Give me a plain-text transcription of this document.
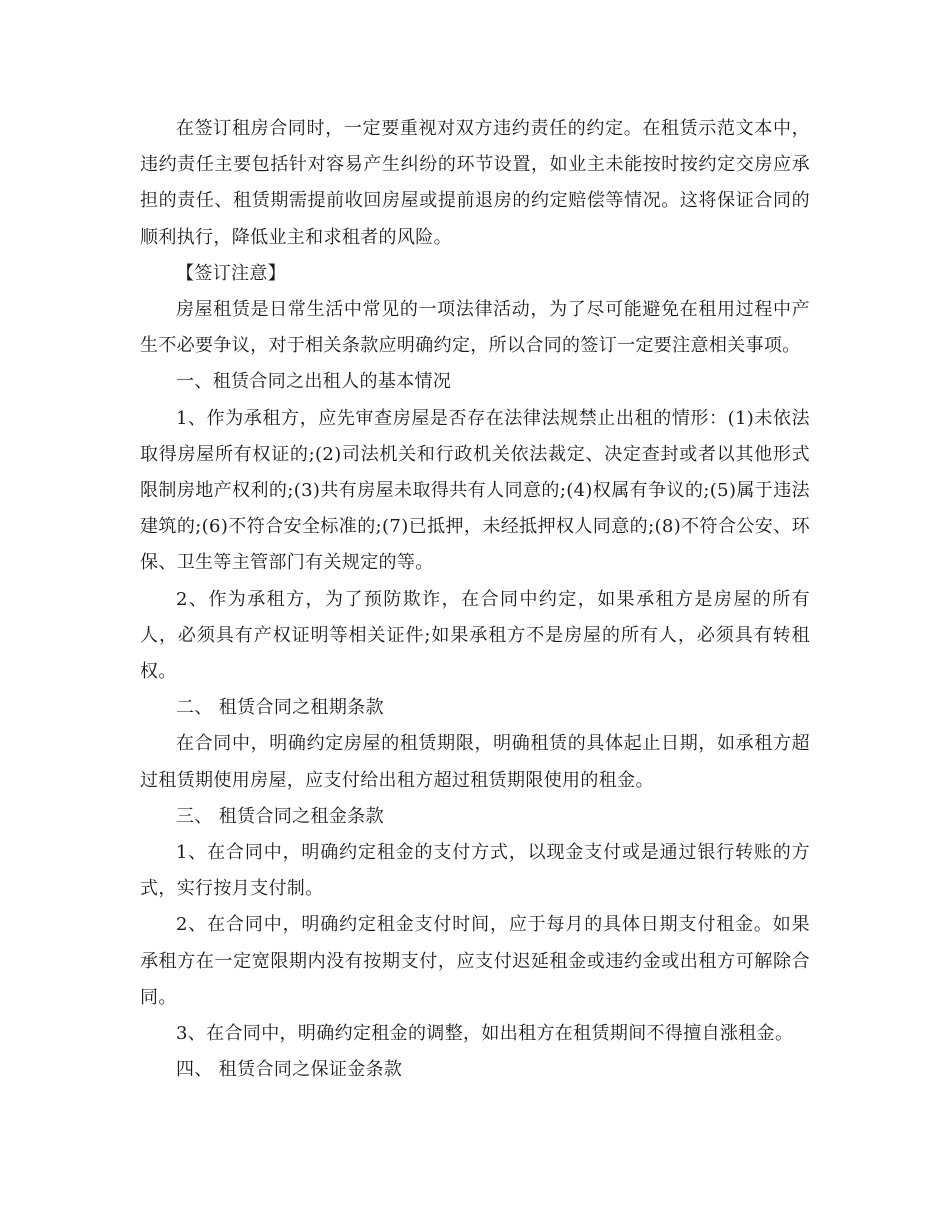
在签订租房合同时，一定要重视对双方违约责任的约定。在租赁示范文本中，违约责任主要包括针对容易产生纠纷的环节设置，如业主未能按时按约定交房应承担的责任、租赁期需提前收回房屋或提前退房的约定赔偿等情况。这将保证合同的顺利执行，降低业主和求租者的风险。

【签订注意】

房屋租赁是日常生活中常见的一项法律活动，为了尽可能避免在租用过程中产生不必要争议，对于相关条款应明确约定，所以合同的签订一定要注意相关事项。

一、租赁合同之出租人的基本情况

1、作为承租方，应先审查房屋是否存在法律法规禁止出租的情形：(1)未依法取得房屋所有权证的;(2)司法机关和行政机关依法裁定、决定查封或者以其他形式限制房地产权利的;(3)共有房屋未取得共有人同意的;(4)权属有争议的;(5)属于违法建筑的;(6)不符合安全标准的;(7)已抵押，未经抵押权人同意的;(8)不符合公安、环保、卫生等主管部门有关规定的等。

2、作为承租方，为了预防欺诈，在合同中约定，如果承租方是房屋的所有人，必须具有产权证明等相关证件;如果承租方不是房屋的所有人，必须具有转租权。

二、 租赁合同之租期条款

在合同中，明确约定房屋的租赁期限，明确租赁的具体起止日期，如承租方超过租赁期使用房屋，应支付给出租方超过租赁期限使用的租金。

三、 租赁合同之租金条款

1、在合同中，明确约定租金的支付方式，以现金支付或是通过银行转账的方式，实行按月支付制。

2、在合同中，明确约定租金支付时间，应于每月的具体日期支付租金。如果承租方在一定宽限期内没有按期支付，应支付迟延租金或违约金或出租方可解除合同。

3、在合同中，明确约定租金的调整，如出租方在租赁期间不得擅自涨租金。

四、 租赁合同之保证金条款
